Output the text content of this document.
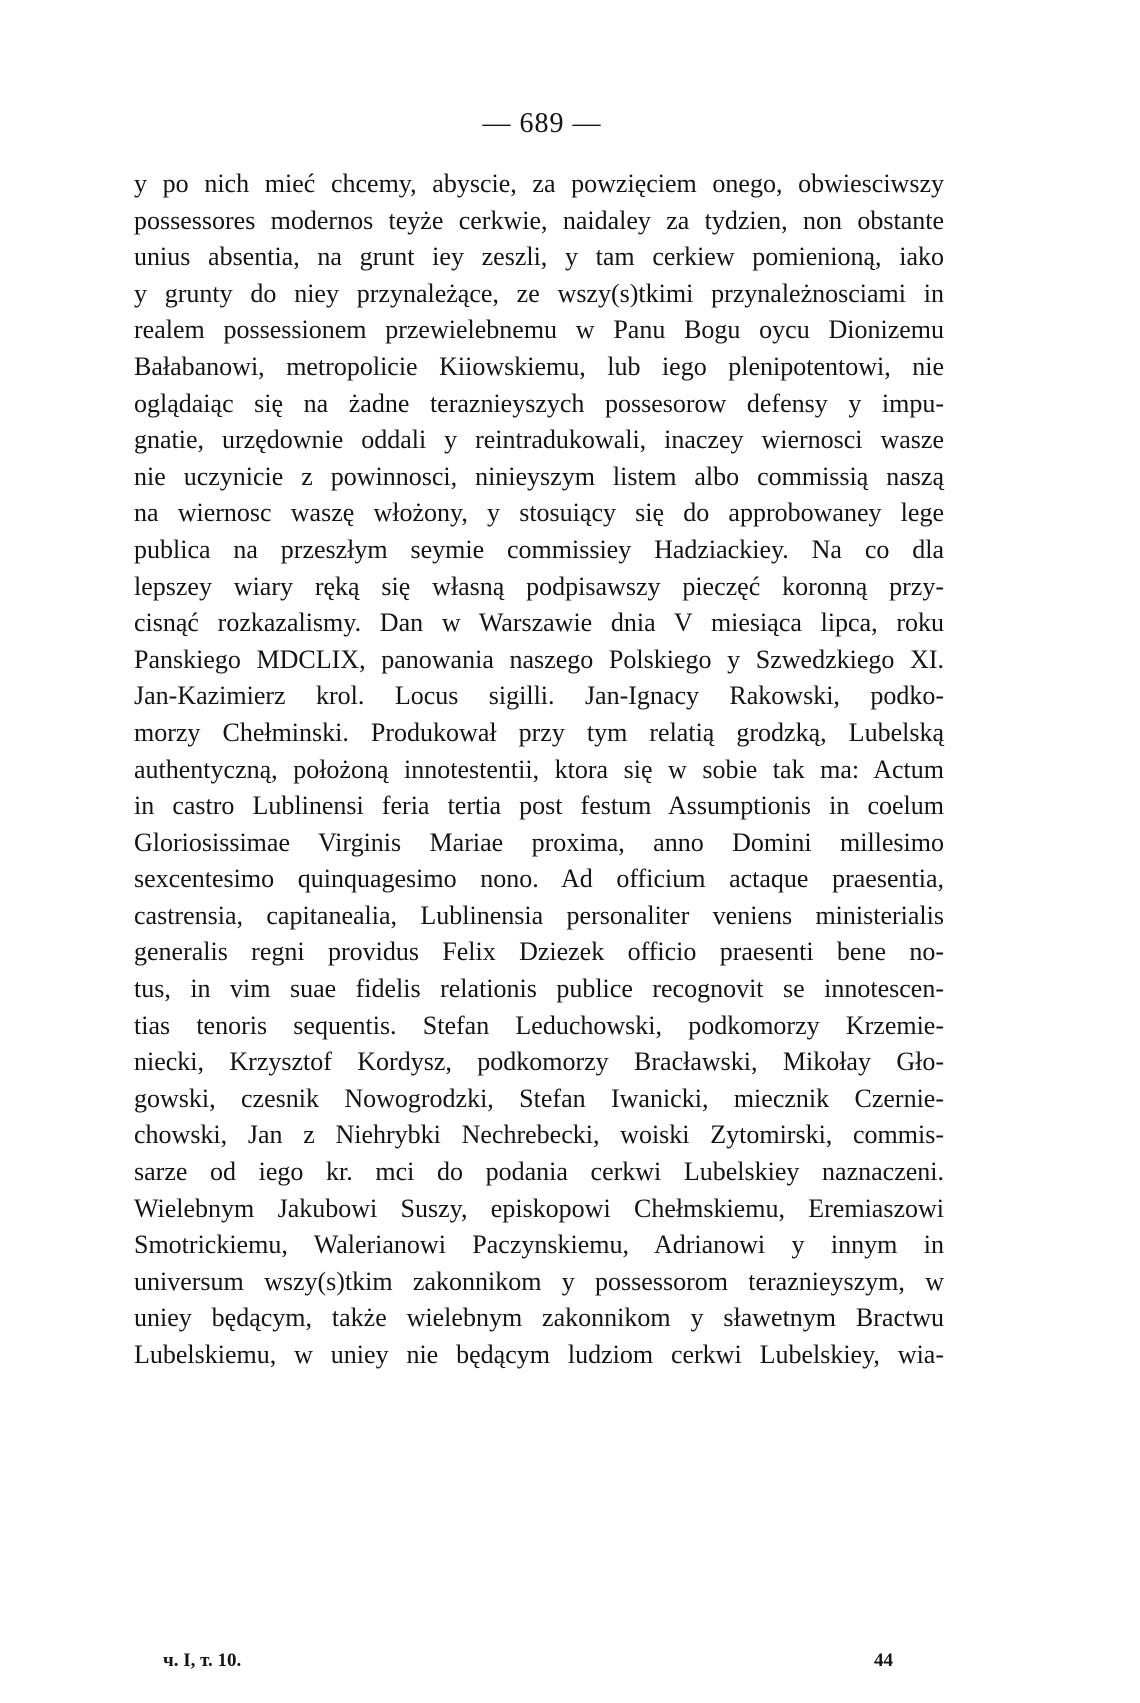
— 689 —
y po nich mieć chcemy, abyscie, za powzięciem onego, obwiesciwszy
possessores modernos teyże cerkwie, naidaley za tydzien, non obstante
unius absentia, na grunt iey zeszli, y tam cerkiew pomienioną, iako
y grunty do niey przynależące, ze wszy(s)tkimi przynależnosciami in
realem possessionem przewielebnemu w Panu Bogu oycu Dionizemu
Bałabanowi, metropolicie Kiiowskiemu, lub iego plenipotentowi, nie
oglądaiąc się na żadne teraznieyszych possesorow defensy y impu-
gnatie, urzędownie oddali y reintradukowali, inaczey wiernosci wasze
nie uczynicie z powinnosci, ninieyszym listem albo commissią naszą
na wiernosc waszę włożony, y stosuiący się do approbowaney lege
publica na przeszłym seymie commissiey Hadziackiey. Na co dla
lepszey wiary ręką się własną podpisawszy pieczęć koronną przy-
cisnąć rozkazalismy. Dan w Warszawie dnia V miesiąca lipca, roku
Panskiego MDCLIX, panowania naszego Polskiego y Szwedzkiego XI.
Jan-Kazimierz krol. Locus sigilli. Jan-Ignacy Rakowski, podko-
morzy Chełminski. Produkował przy tym relatią grodzką, Lubelską
authentyczną, położoną innotestentii, ktora się w sobie tak ma: Actum
in castro Lublinensi feria tertia post festum Assumptionis in coelum
Gloriosissimae Virginis Mariae proxima, anno Domini millesimo
sexcentesimo quinquagesimo nono. Ad officium actaque praesentia,
castrensia, capitanealia, Lublinensia personaliter veniens ministerialis
generalis regni providus Felix Dziezek officio praesenti bene no-
tus, in vim suae fidelis relationis publice recognovit se innotescen-
tias tenoris sequentis. Stefan Leduchowski, podkomorzy Krzemie-
niecki, Krzysztof Kordysz, podkomorzy Bracławski, Mikołay Gło-
gowski, czesnik Nowogrodzki, Stefan Iwanicki, miecznik Czernie-
chowski, Jan z Niehrybki Nechrebecki, woiski Zytomirski, commis-
sarze od iego kr. mci do podania cerkwi Lubelskiey naznaczeni.
Wielebnym Jakubowi Suszy, episkopowi Chełmskiemu, Eremiaszowi
Smotrickiemu, Walerianowi Paczynskiemu, Adrianowi y innym in
universum wszy(s)tkim zakonnikom y possessorom teraznieyszym, w
uniey będącym, także wielebnym zakonnikom y sławetnym Bractwu
Lubelskiemu, w uniey nie będącym ludziom cerkwi Lubelskiey, wia-
ч. I, т. 10.	44
